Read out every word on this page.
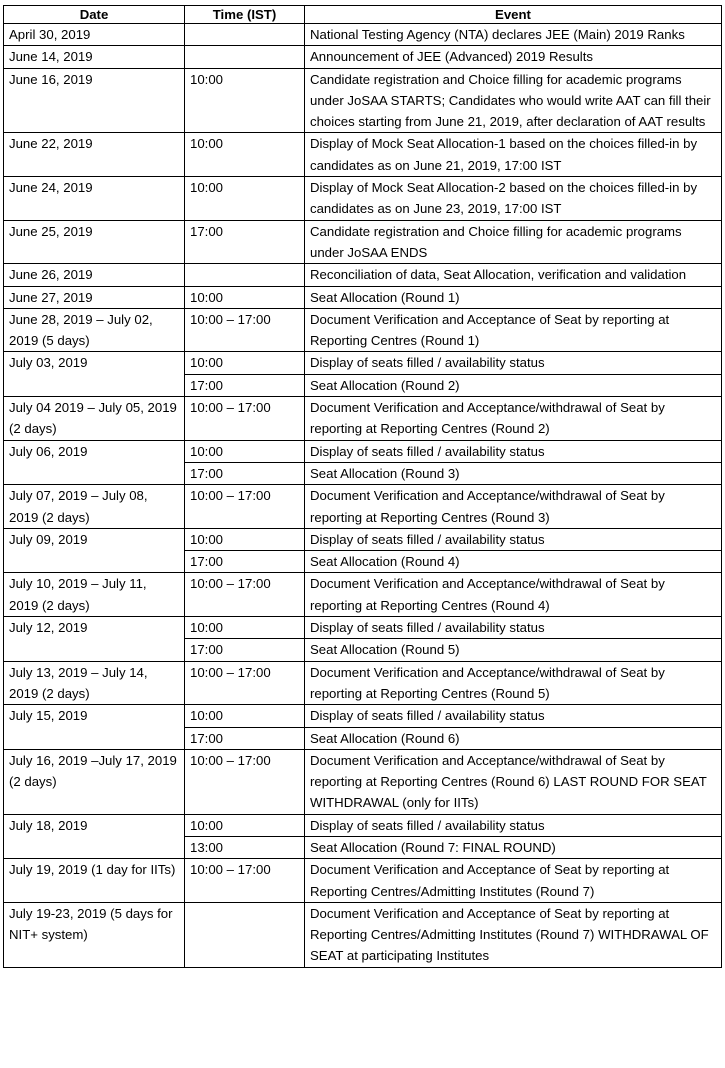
Date	Time (IST)	Event
April 30, 2019		National Testing Agency (NTA) declares JEE (Main) 2019 Ranks
June 14, 2019		Announcement of JEE (Advanced) 2019 Results
June 16, 2019	10:00	Candidate registration and Choice filling for academic programs under JoSAA STARTS; Candidates who would write AAT can fill their choices starting from June 21, 2019, after declaration of AAT results
June 22, 2019	10:00	Display of Mock Seat Allocation-1 based on the choices filled-in by candidates as on June 21, 2019, 17:00 IST
June 24, 2019	10:00	Display of Mock Seat Allocation-2 based on the choices filled-in by candidates as on June 23, 2019, 17:00 IST
June 25, 2019	17:00	Candidate registration and Choice filling for academic programs under JoSAA ENDS
June 26, 2019		Reconciliation of data, Seat Allocation, verification and validation
June 27, 2019	10:00	Seat Allocation (Round 1)
June 28, 2019 – July 02, 2019 (5 days)	10:00 – 17:00	Document Verification and Acceptance of Seat by reporting at Reporting Centres (Round 1)
July 03, 2019	10:00	Display of seats filled / availability status
	17:00	Seat Allocation (Round 2)
July 04 2019 – July 05, 2019 (2 days)	10:00 – 17:00	Document Verification and Acceptance/withdrawal of Seat by reporting at Reporting Centres (Round 2)
July 06, 2019	10:00	Display of seats filled / availability status
	17:00	Seat Allocation (Round 3)
July 07, 2019 – July 08, 2019 (2 days)	10:00 – 17:00	Document Verification and Acceptance/withdrawal of Seat by reporting at Reporting Centres (Round 3)
July 09, 2019	10:00	Display of seats filled / availability status
	17:00	Seat Allocation (Round 4)
July 10, 2019 – July 11, 2019 (2 days)	10:00 – 17:00	Document Verification and Acceptance/withdrawal of Seat by reporting at Reporting Centres (Round 4)
July 12, 2019	10:00	Display of seats filled / availability status
	17:00	Seat Allocation (Round 5)
July 13, 2019 – July 14, 2019 (2 days)	10:00 – 17:00	Document Verification and Acceptance/withdrawal of Seat by reporting at Reporting Centres (Round 5)
July 15, 2019	10:00	Display of seats filled / availability status
	17:00	Seat Allocation (Round 6)
July 16, 2019 –July 17, 2019 (2 days)	10:00 – 17:00	Document Verification and Acceptance/withdrawal of Seat by reporting at Reporting Centres (Round 6) LAST ROUND FOR SEAT WITHDRAWAL (only for IITs)
July 18, 2019	10:00	Display of seats filled / availability status
	13:00	Seat Allocation (Round 7: FINAL ROUND)
July 19, 2019 (1 day for IITs)	10:00 – 17:00	Document Verification and Acceptance of Seat by reporting at Reporting Centres/Admitting Institutes (Round 7)
July 19-23, 2019 (5 days for NIT+ system)		Document Verification and Acceptance of Seat by reporting at Reporting Centres/Admitting Institutes (Round 7) WITHDRAWAL OF SEAT at participating Institutes
